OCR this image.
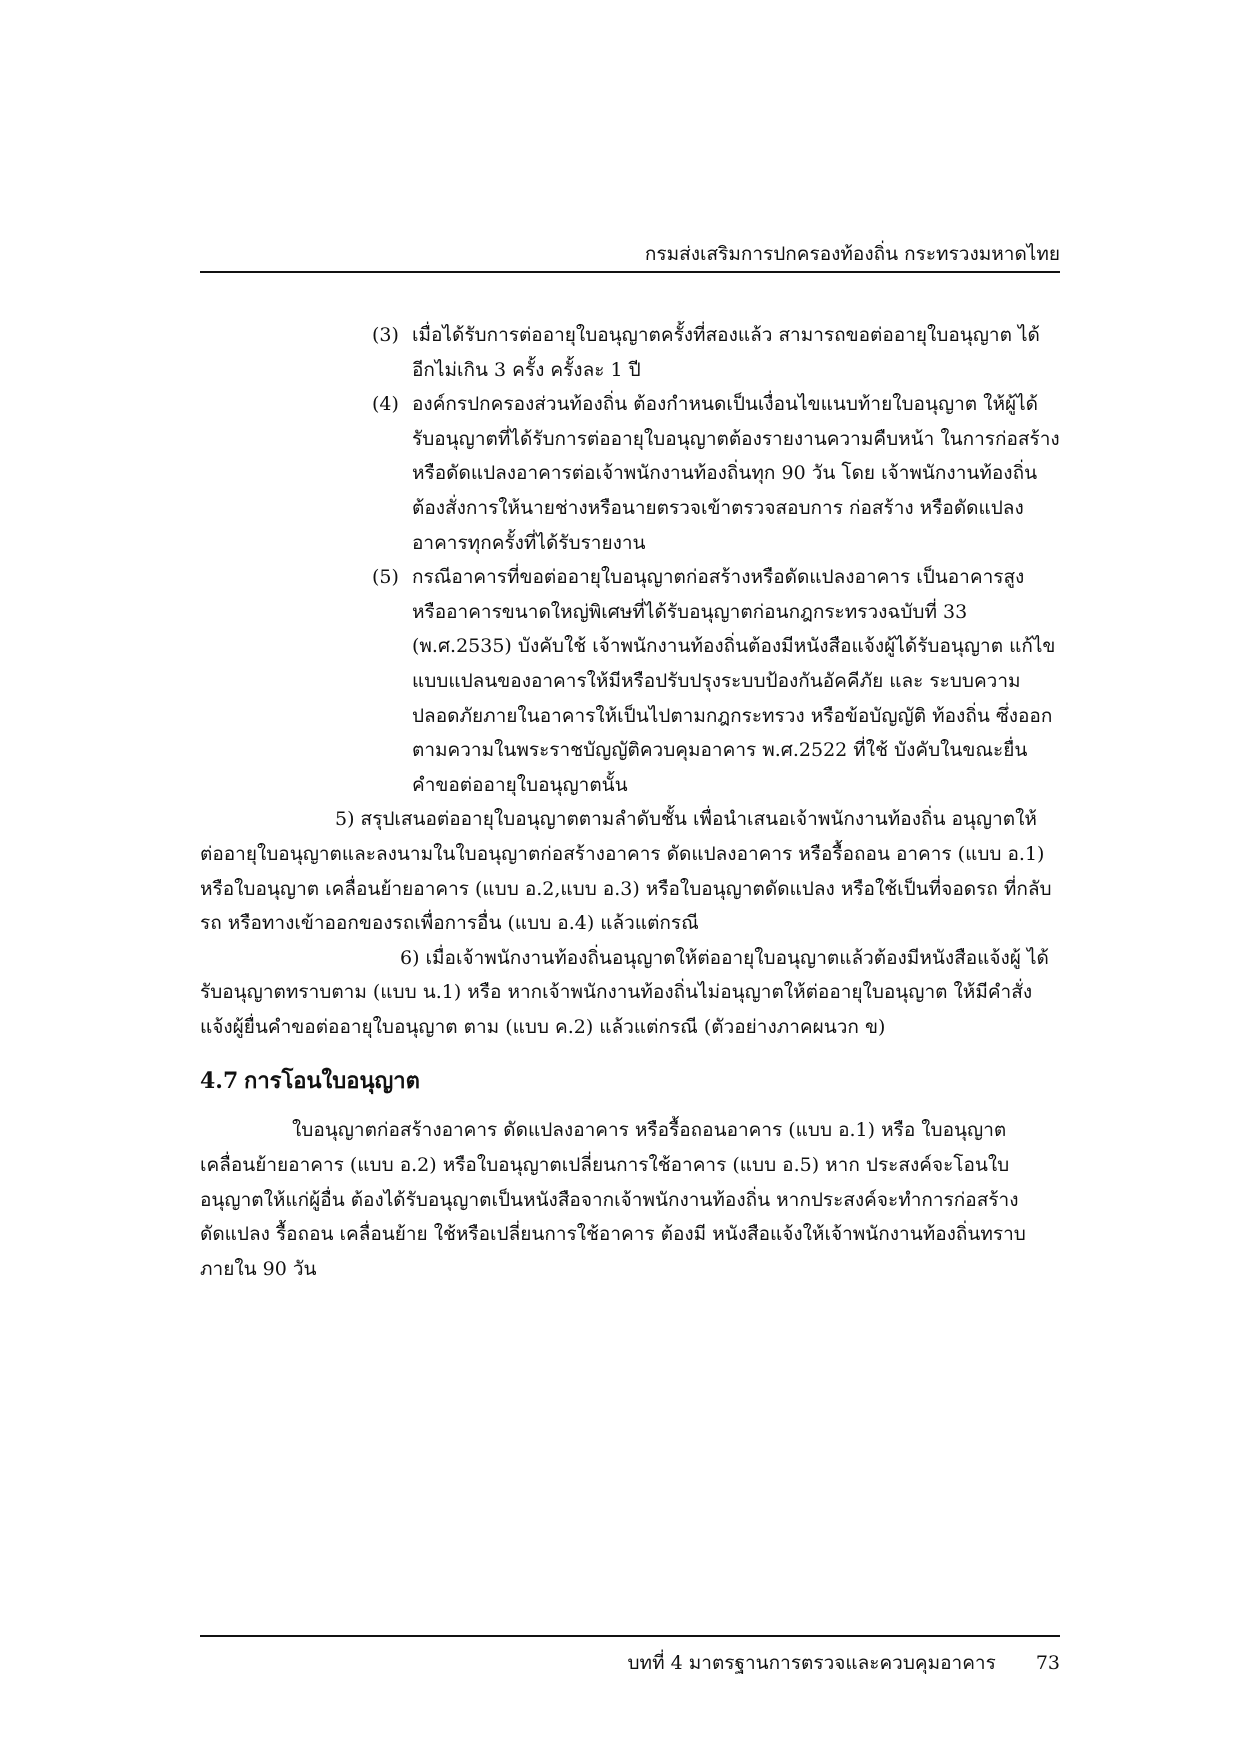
กรมส่งเสริมการปกครองท้องถิ่น กระทรวงมหาดไทย
(3) เมื่อได้รับการต่ออายุใบอนุญาตครั้งที่สองแล้ว สามารถขอต่ออายุใบอนุญาต ได้อีกไม่เกิน 3 ครั้ง ครั้งละ 1 ปี
(4) องค์กรปกครองส่วนท้องถิ่น ต้องกำหนดเป็นเงื่อนไขแนบท้ายใบอนุญาต ให้ผู้ได้รับอนุญาตที่ได้รับการต่ออายุใบอนุญาตต้องรายงานความคืบหน้า ในการก่อสร้างหรือดัดแปลงอาคารต่อเจ้าพนักงานท้องถิ่นทุก 90 วัน โดย เจ้าพนักงานท้องถิ่นต้องสั่งการให้นายช่างหรือนายตรวจเข้าตรวจสอบการ ก่อสร้าง หรือดัดแปลงอาคารทุกครั้งที่ได้รับรายงาน
(5) กรณีอาคารที่ขอต่ออายุใบอนุญาตก่อสร้างหรือดัดแปลงอาคาร เป็นอาคารสูง หรืออาคารขนาดใหญ่พิเศษที่ได้รับอนุญาตก่อนกฎกระทรวงฉบับที่ 33 (พ.ศ.2535) บังคับใช้ เจ้าพนักงานท้องถิ่นต้องมีหนังสือแจ้งผู้ได้รับอนุญาต แก้ไขแบบแปลนของอาคารให้มีหรือปรับปรุงระบบป้องกันอัคคีภัย และ ระบบความปลอดภัยภายในอาคารให้เป็นไปตามกฎกระทรวง หรือข้อบัญญัติ ท้องถิ่น ซึ่งออกตามความในพระราชบัญญัติควบคุมอาคาร พ.ศ.2522 ที่ใช้ บังคับในขณะยื่นคำขอต่ออายุใบอนุญาตนั้น

5) สรุปเสนอต่ออายุใบอนุญาตตามลำดับชั้น เพื่อนำเสนอเจ้าพนักงานท้องถิ่น อนุญาตให้ต่ออายุใบอนุญาตและลงนามในใบอนุญาตก่อสร้างอาคาร ดัดแปลงอาคาร หรือรื้อถอน อาคาร (แบบ อ.1) หรือใบอนุญาต เคลื่อนย้ายอาคาร (แบบ อ.2,แบบ อ.3) หรือใบอนุญาตดัดแปลง หรือใช้เป็นที่จอดรถ ที่กลับรถ หรือทางเข้าออกของรถเพื่อการอื่น (แบบ อ.4) แล้วแต่กรณี

6) เมื่อเจ้าพนักงานท้องถิ่นอนุญาตให้ต่ออายุใบอนุญาตแล้วต้องมีหนังสือแจ้งผู้ ได้รับอนุญาตทราบตาม (แบบ น.1) หรือ หากเจ้าพนักงานท้องถิ่นไม่อนุญาตให้ต่ออายุใบอนุญาต ให้มีคำสั่งแจ้งผู้ยื่นคำขอต่ออายุใบอนุญาต ตาม (แบบ ค.2) แล้วแต่กรณี (ตัวอย่างภาคผนวก ข)

4.7 การโอนใบอนุญาต

ใบอนุญาตก่อสร้างอาคาร ดัดแปลงอาคาร หรือรื้อถอนอาคาร (แบบ อ.1) หรือ ใบอนุญาตเคลื่อนย้ายอาคาร (แบบ อ.2) หรือใบอนุญาตเปลี่ยนการใช้อาคาร (แบบ อ.5) หาก ประสงค์จะโอนใบอนุญาตให้แก่ผู้อื่น ต้องได้รับอนุญาตเป็นหนังสือจากเจ้าพนักงานท้องถิ่น หากประสงค์จะทำการก่อสร้าง ดัดแปลง รื้อถอน เคลื่อนย้าย ใช้หรือเปลี่ยนการใช้อาคาร ต้องมี หนังสือแจ้งให้เจ้าพนักงานท้องถิ่นทราบ ภายใน 90 วัน

บทที่ 4 มาตรฐานการตรวจและควบคุมอาคาร 73
